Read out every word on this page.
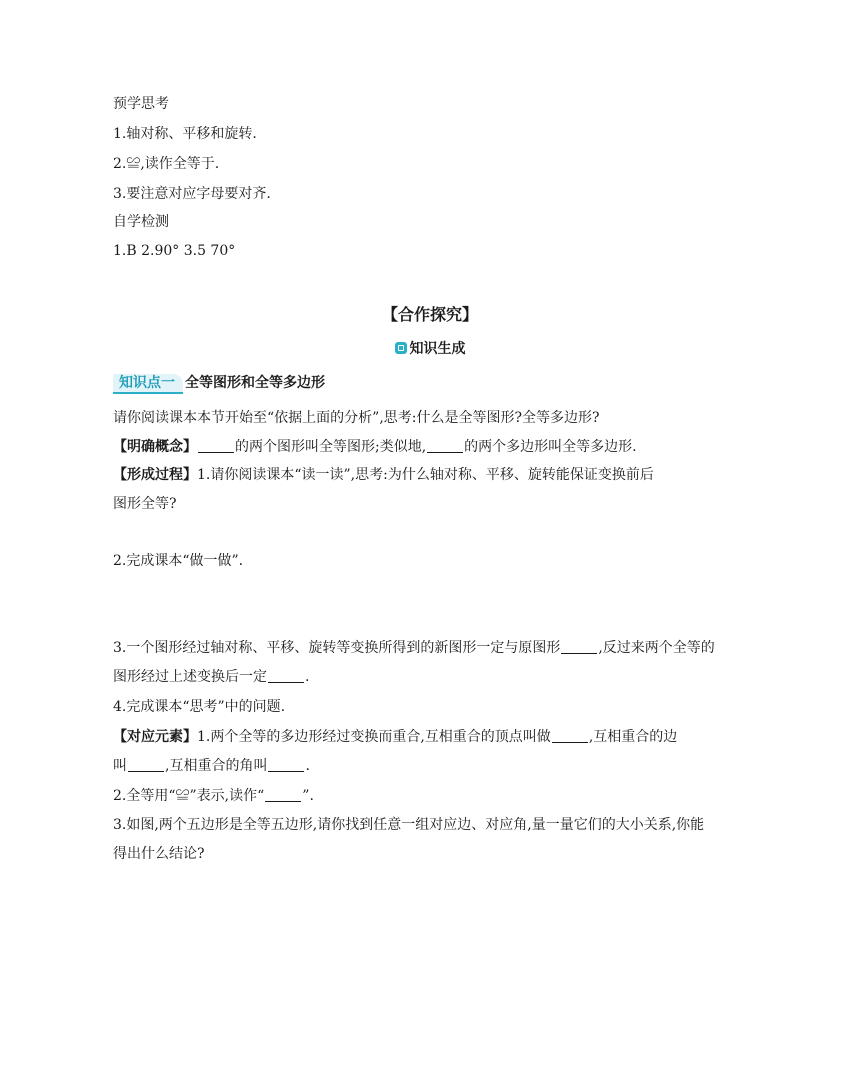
预学思考
1.轴对称、平移和旋转.
2.≌,读作全等于.
3.要注意对应字母要对齐.
自学检测
1.B 2.90° 3.5 70°
【合作探究】
知识生成
知识点一 全等图形和全等多边形
请你阅读课本本节开始至“依据上面的分析”,思考:什么是全等图形?全等多边形?
【明确概念】	的两个图形叫全等图形;类似地,	的两个多边形叫全等多边形.
【形成过程】1.请你阅读课本“读一读”,思考:为什么轴对称、平移、旋转能保证变换前后
图形全等?
2.完成课本“做一做”.
3.一个图形经过轴对称、平移、旋转等变换所得到的新图形一定与原图形	,反过来两个全等的
图形经过上述变换后一定	.
4.完成课本“思考”中的问题.
【对应元素】1.两个全等的多边形经过变换而重合,互相重合的顶点叫做	,互相重合的边
叫	,互相重合的角叫	.
2.全等用“≌”表示,读作“	”.
3.如图,两个五边形是全等五边形,请你找到任意一组对应边、对应角,量一量它们的大小关系,你能
得出什么结论?
